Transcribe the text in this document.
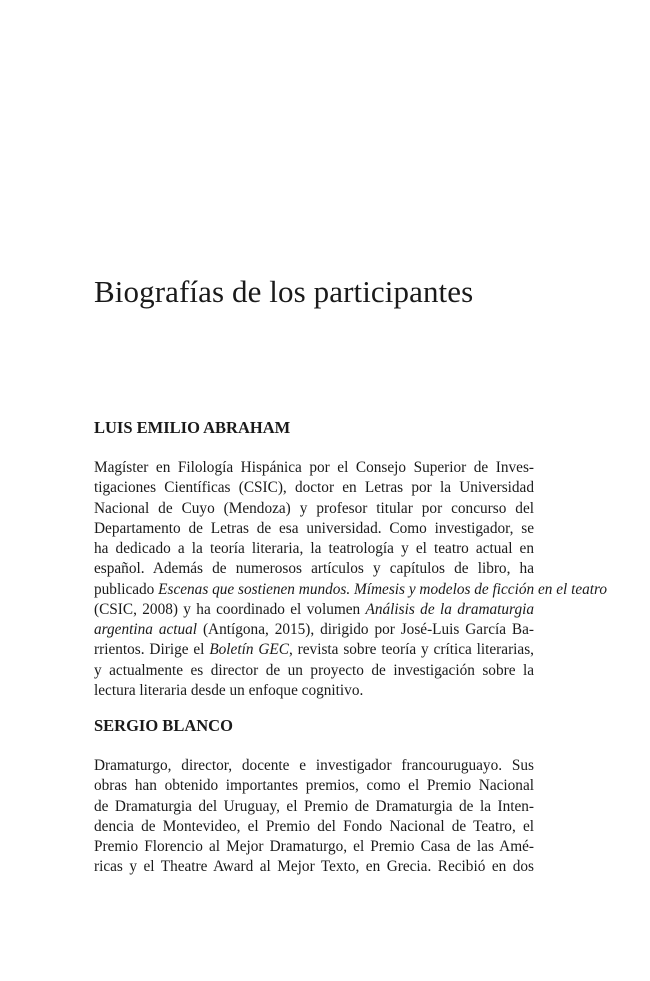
Biografías de los participantes
LUIS EMILIO ABRAHAM
Magíster en Filología Hispánica por el Consejo Superior de Inves-
tigaciones Científicas (CSIC), doctor en Letras por la Universidad
Nacional de Cuyo (Mendoza) y profesor titular por concurso del
Departamento de Letras de esa universidad. Como investigador, se
ha dedicado a la teoría literaria, la teatrología y el teatro actual en
español. Además de numerosos artículos y capítulos de libro, ha
publicado Escenas que sostienen mundos. Mímesis y modelos de ficción en el teatro
(CSIC, 2008) y ha coordinado el volumen Análisis de la dramaturgia
argentina actual (Antígona, 2015), dirigido por José-Luis García Ba-
rrientos. Dirige el Boletín GEC, revista sobre teoría y crítica literarias,
y actualmente es director de un proyecto de investigación sobre la
lectura literaria desde un enfoque cognitivo.
SERGIO BLANCO
Dramaturgo, director, docente e investigador francouruguayo. Sus
obras han obtenido importantes premios, como el Premio Nacional
de Dramaturgia del Uruguay, el Premio de Dramaturgia de la Inten-
dencia de Montevideo, el Premio del Fondo Nacional de Teatro, el
Premio Florencio al Mejor Dramaturgo, el Premio Casa de las Amé-
ricas y el Theatre Award al Mejor Texto, en Grecia. Recibió en dos
